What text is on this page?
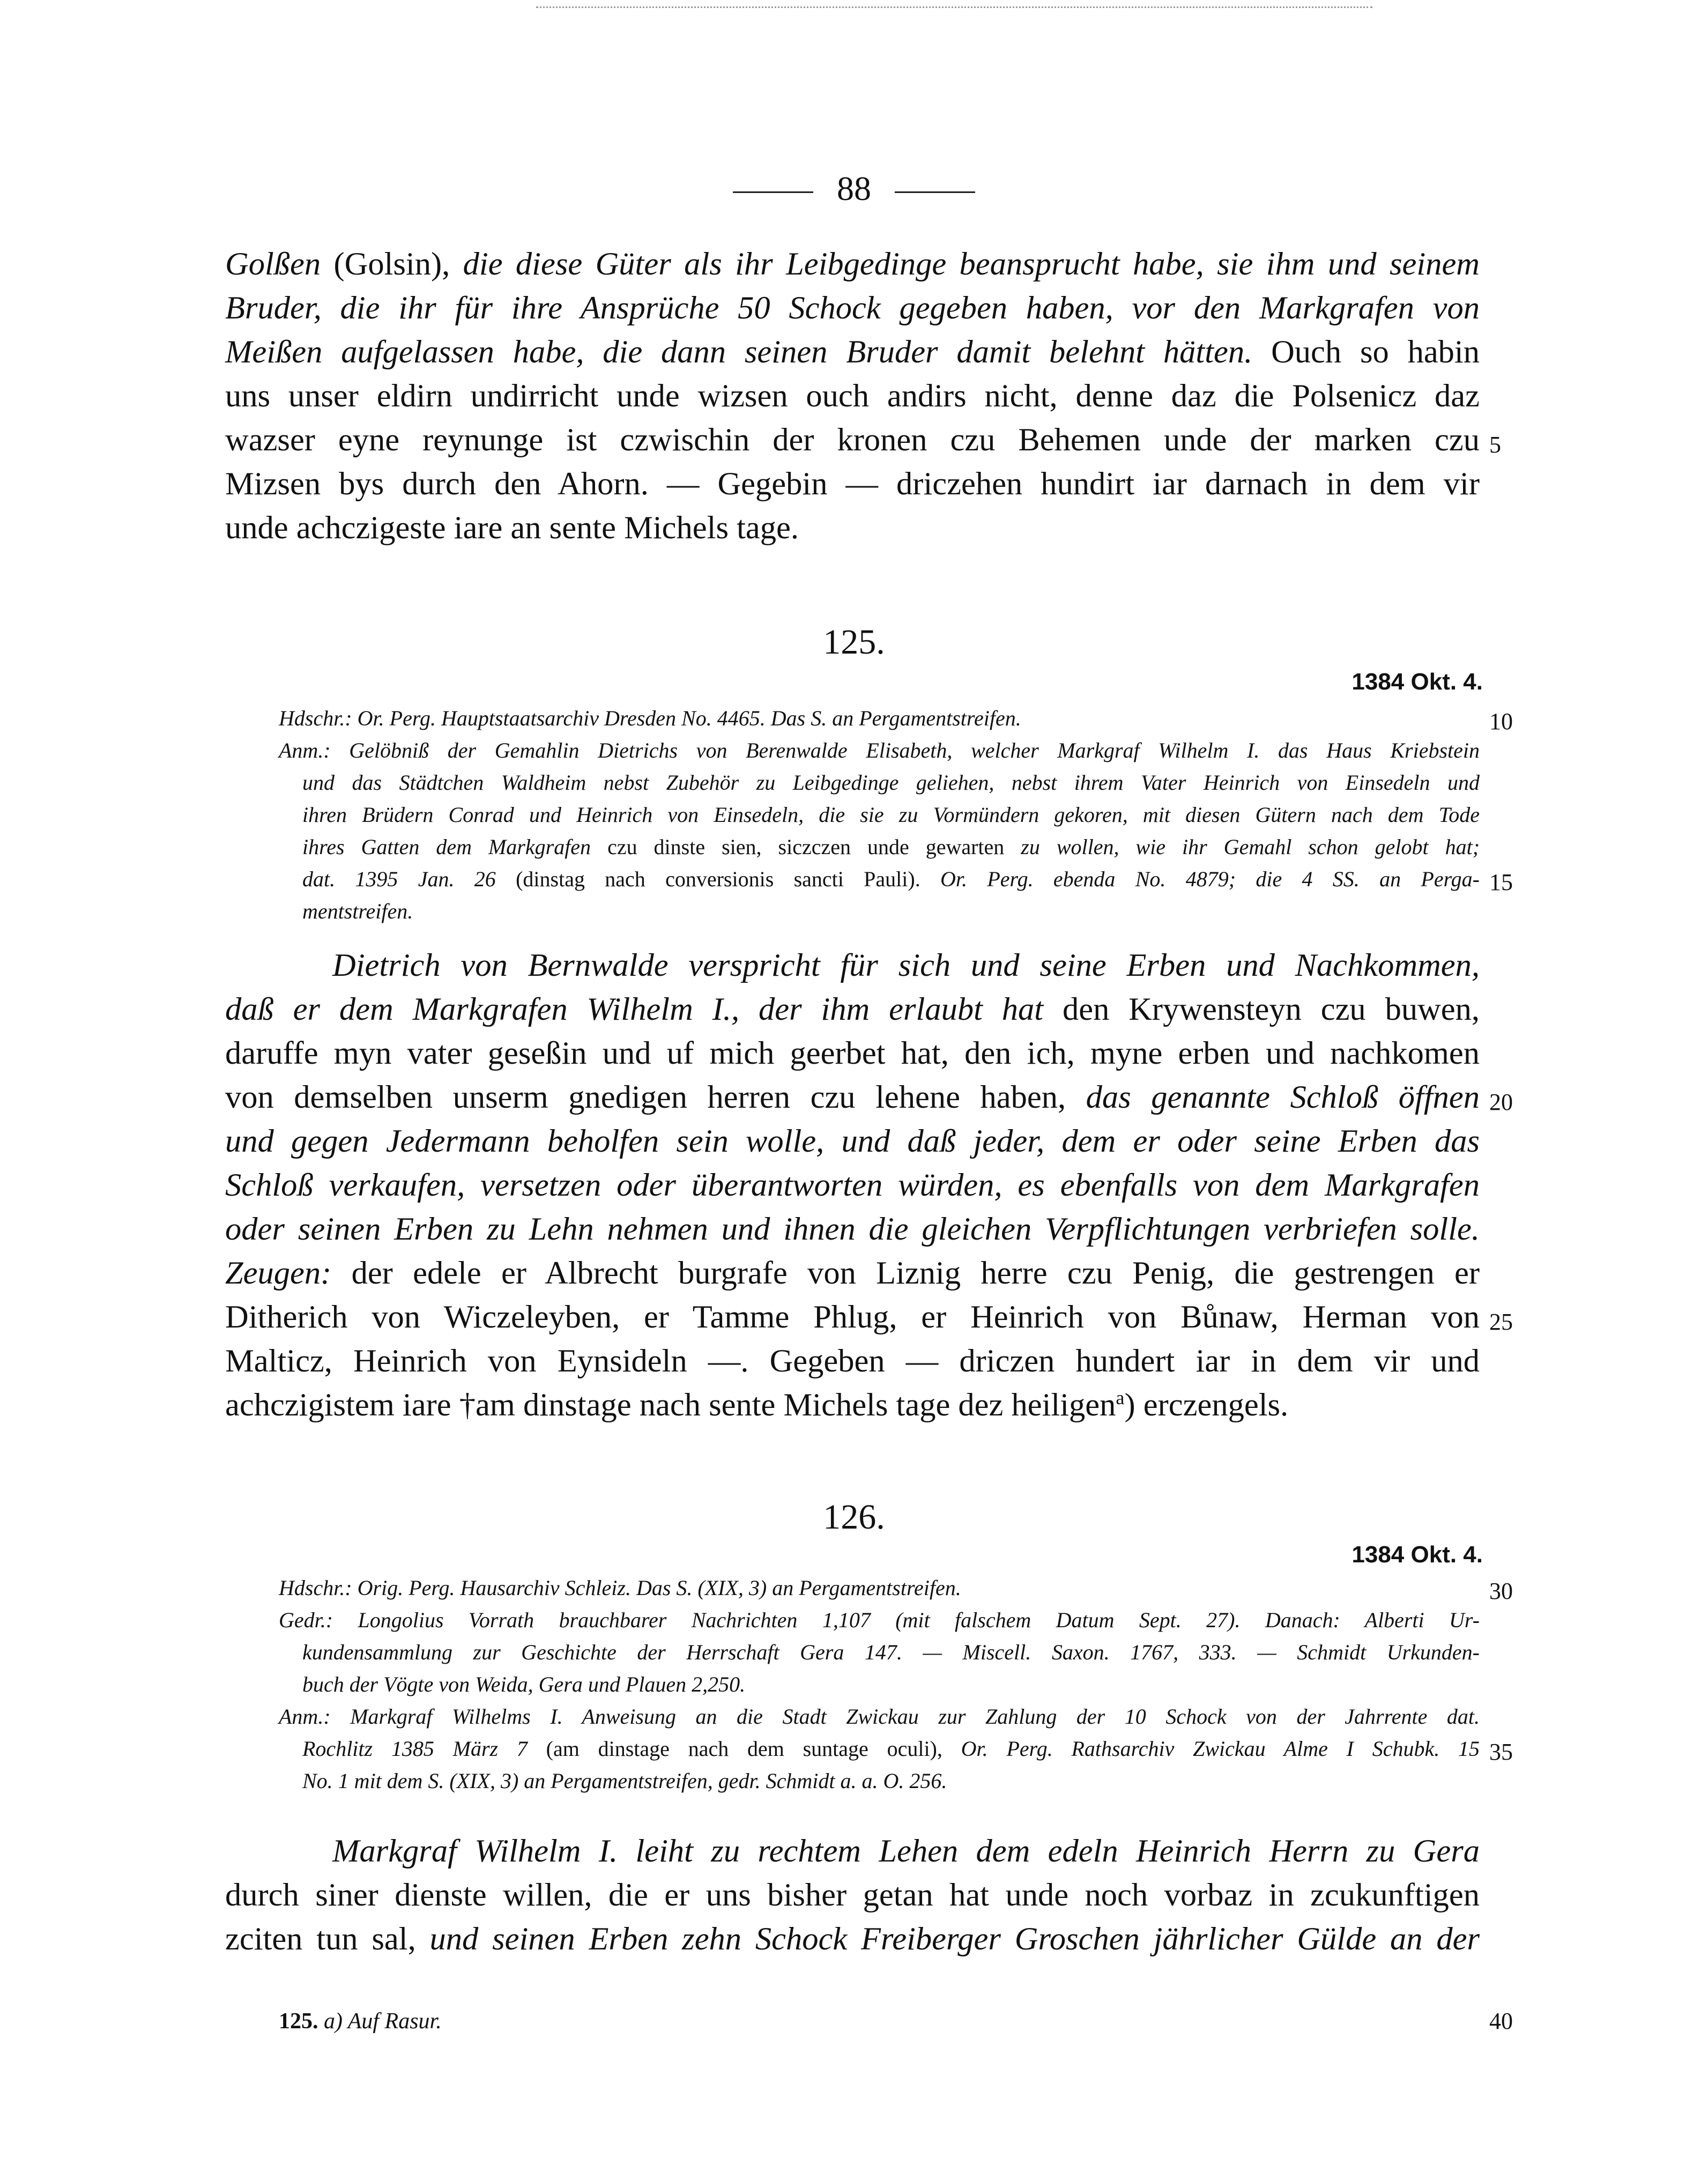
88
Golßen (Golsin), die diese Güter als ihr Leibgedinge beansprucht habe, sie ihm und seinem
Bruder, die ihr für ihre Ansprüche 50 Schock gegeben haben, vor den Markgrafen von
Meißen aufgelassen habe, die dann seinen Bruder damit belehnt hätten. Ouch so habin
uns unser eldirn undirricht unde wizsen ouch andirs nicht, denne daz die Polsenicz daz
wazser eyne reynunge ist czwischin der kronen czu Behemen unde der marken czu
Mizsen bys durch den Ahorn. — Gegebin — driczehen hundirt iar darnach in dem vir
unde achczigeste iare an sente Michels tage.
125.
1384 Okt. 4.
Hdschr.: Or. Perg. Hauptstaatsarchiv Dresden No. 4465. Das S. an Pergamentstreifen.
Anm.: Gelöbniß der Gemahlin Dietrichs von Berenwalde Elisabeth, welcher Markgraf Wilhelm I. das Haus Kriebstein
und das Städtchen Waldheim nebst Zubehör zu Leibgedinge geliehen, nebst ihrem Vater Heinrich von Einsedeln und
ihren Brüdern Conrad und Heinrich von Einsedeln, die sie zu Vormündern gekoren, mit diesen Gütern nach dem Tode
ihres Gatten dem Markgrafen czu dinste sien, siczczen unde gewarten zu wollen, wie ihr Gemahl schon gelobt hat;
dat. 1395 Jan. 26 (dinstag nach conversionis sancti Pauli). Or. Perg. ebenda No. 4879; die 4 SS. an Perga-
mentstreifen.
Dietrich von Bernwalde verspricht für sich und seine Erben und Nachkommen,
daß er dem Markgrafen Wilhelm I., der ihm erlaubt hat den Krywensteyn czu buwen,
daruffe myn vater geseßin und uf mich geerbet hat, den ich, myne erben und nachkomen
von demselben unserm gnedigen herren czu lehene haben, das genannte Schloß öffnen
und gegen Jedermann beholfen sein wolle, und daß jeder, dem er oder seine Erben das
Schloß verkaufen, versetzen oder überantworten würden, es ebenfalls von dem Markgrafen
oder seinen Erben zu Lehn nehmen und ihnen die gleichen Verpflichtungen verbriefen solle.
Zeugen: der edele er Albrecht burgrafe von Liznig herre czu Penig, die gestrengen er
Ditherich von Wiczeleyben, er Tamme Phlug, er Heinrich von Bůnaw, Herman von
Malticz, Heinrich von Eynsideln —. Gegeben — driczen hundert iar in dem vir und
achczigistem iare †am dinstage nach sente Michels tage dez heiligen$^a$) erczengels.
126.
1384 Okt. 4.
Hdschr.: Orig. Perg. Hausarchiv Schleiz. Das S. (XIX, 3) an Pergamentstreifen.
Gedr.: Longolius Vorrath brauchbarer Nachrichten 1,107 (mit falschem Datum Sept. 27). Danach: Alberti Ur-
kundensammlung zur Geschichte der Herrschaft Gera 147. — Miscell. Saxon. 1767, 333. — Schmidt Urkunden-
buch der Vögte von Weida, Gera und Plauen 2,250.
Anm.: Markgraf Wilhelms I. Anweisung an die Stadt Zwickau zur Zahlung der 10 Schock von der Jahrrente dat.
Rochlitz 1385 März 7 (am dinstage nach dem suntage oculi), Or. Perg. Rathsarchiv Zwickau Alme I Schubk. 15
No. 1 mit dem S. (XIX, 3) an Pergamentstreifen, gedr. Schmidt a. a. O. 256.
Markgraf Wilhelm I. leiht zu rechtem Lehen dem edeln Heinrich Herrn zu Gera
durch siner dienste willen, die er uns bisher getan hat unde noch vorbaz in zcukunftigen
zciten tun sal, und seinen Erben zehn Schock Freiberger Groschen jährlicher Gülde an der
125. a) Auf Rasur.
5
10
15
20
25
30
35
40
